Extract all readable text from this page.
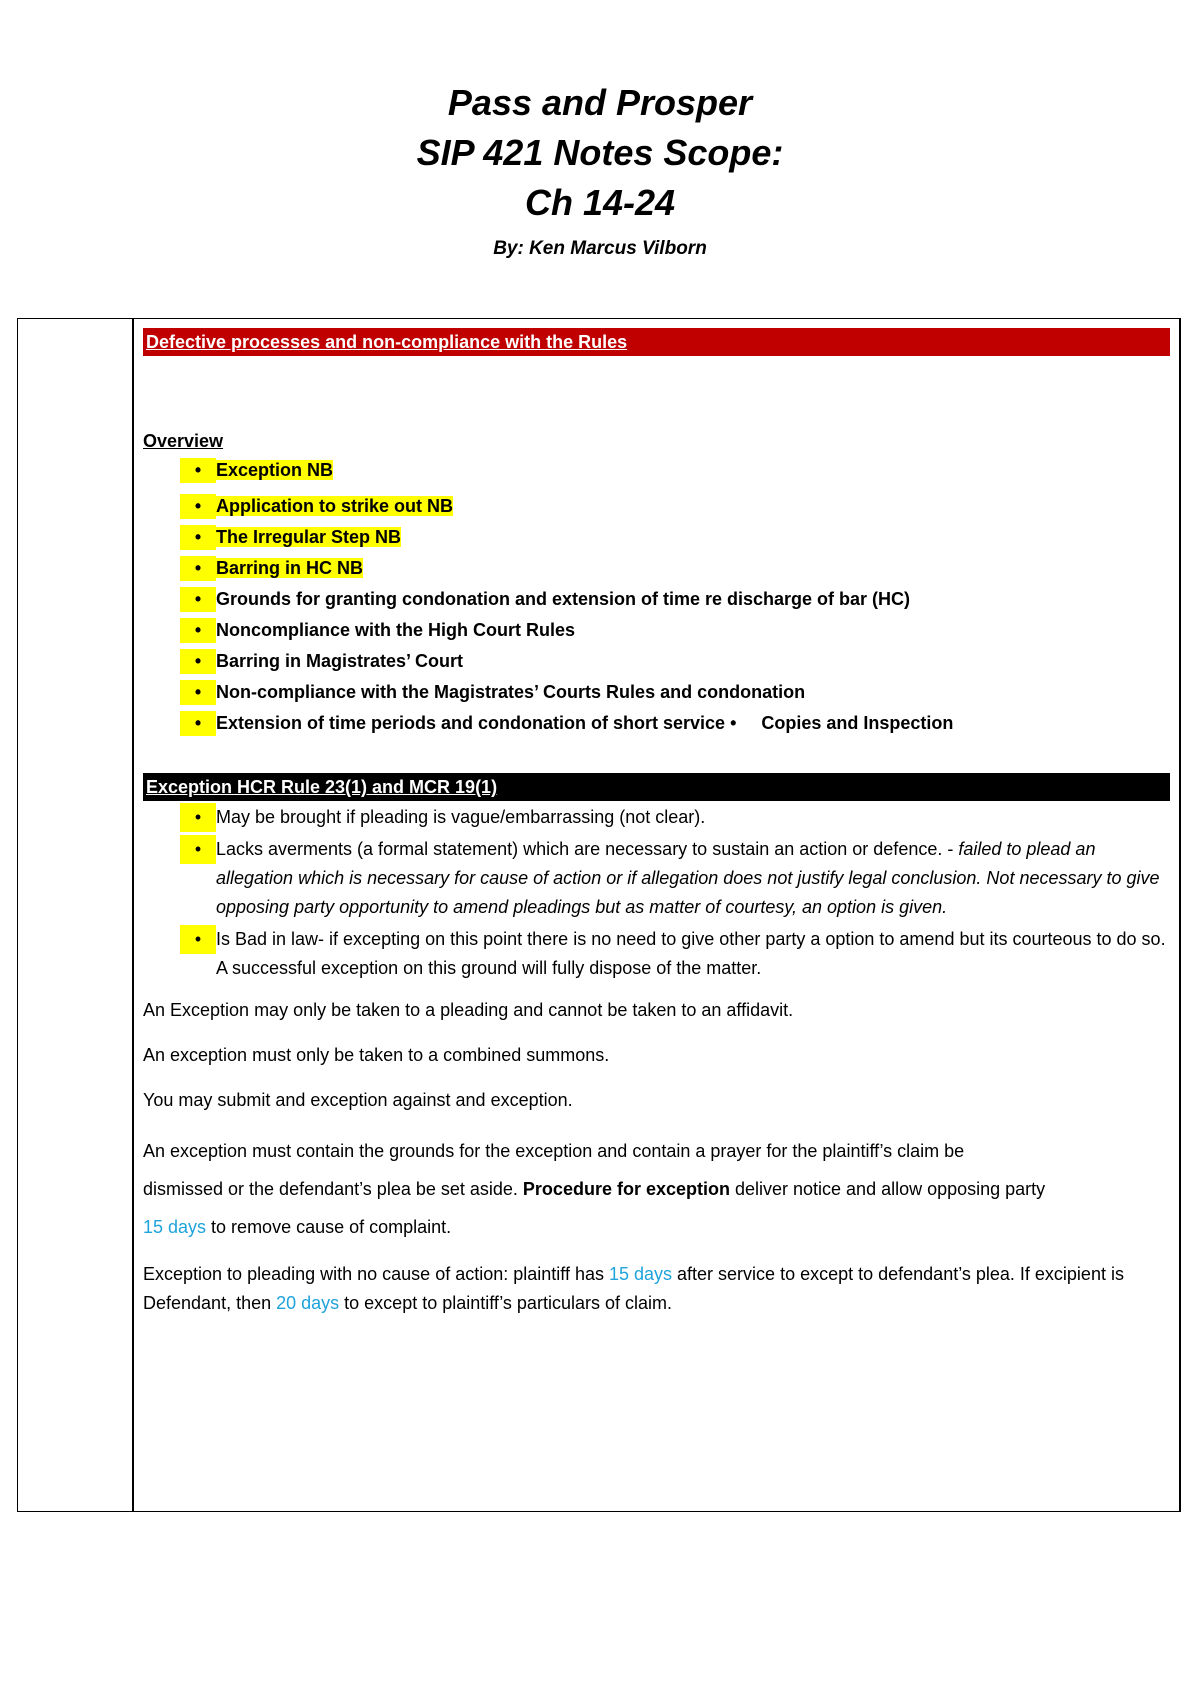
Pass and Prosper

SIP 421 Notes Scope:

Ch 14-24

By: Ken Marcus Vilborn
Defective processes and non-compliance with the Rules
Overview
• Exception NB
• Application to strike out NB
• The Irregular Step NB
• Barring in HC NB
• Grounds for granting condonation and extension of time re discharge of bar (HC)
• Noncompliance with the High Court Rules
• Barring in Magistrates’ Court
• Non-compliance with the Magistrates’ Courts Rules and condonation
• Extension of time periods and condonation of short service •     Copies and Inspection
Exception HCR Rule 23(1) and MCR 19(1)
• May be brought if pleading is vague/embarrassing (not clear).
• Lacks averments (a formal statement) which are necessary to sustain an action or defence. - failed to plead an allegation which is necessary for cause of action or if allegation does not justify legal conclusion. Not necessary to give opposing party opportunity to amend pleadings but as matter of courtesy, an option is given.
• Is Bad in law- if excepting on this point there is no need to give other party a option to amend but its courteous to do so. A successful exception on this ground will fully dispose of the matter.

An Exception may only be taken to a pleading and cannot be taken to an affidavit.

An exception must only be taken to a combined summons.

You may submit and exception against and exception.

An exception must contain the grounds for the exception and contain a prayer for the plaintiff’s claim be
dismissed or the defendant’s plea be set aside. Procedure for exception deliver notice and allow opposing party
15 days to remove cause of complaint.

Exception to pleading with no cause of action: plaintiff has 15 days after service to except to defendant’s plea. If excipient is Defendant, then 20 days to except to plaintiff’s particulars of claim.
